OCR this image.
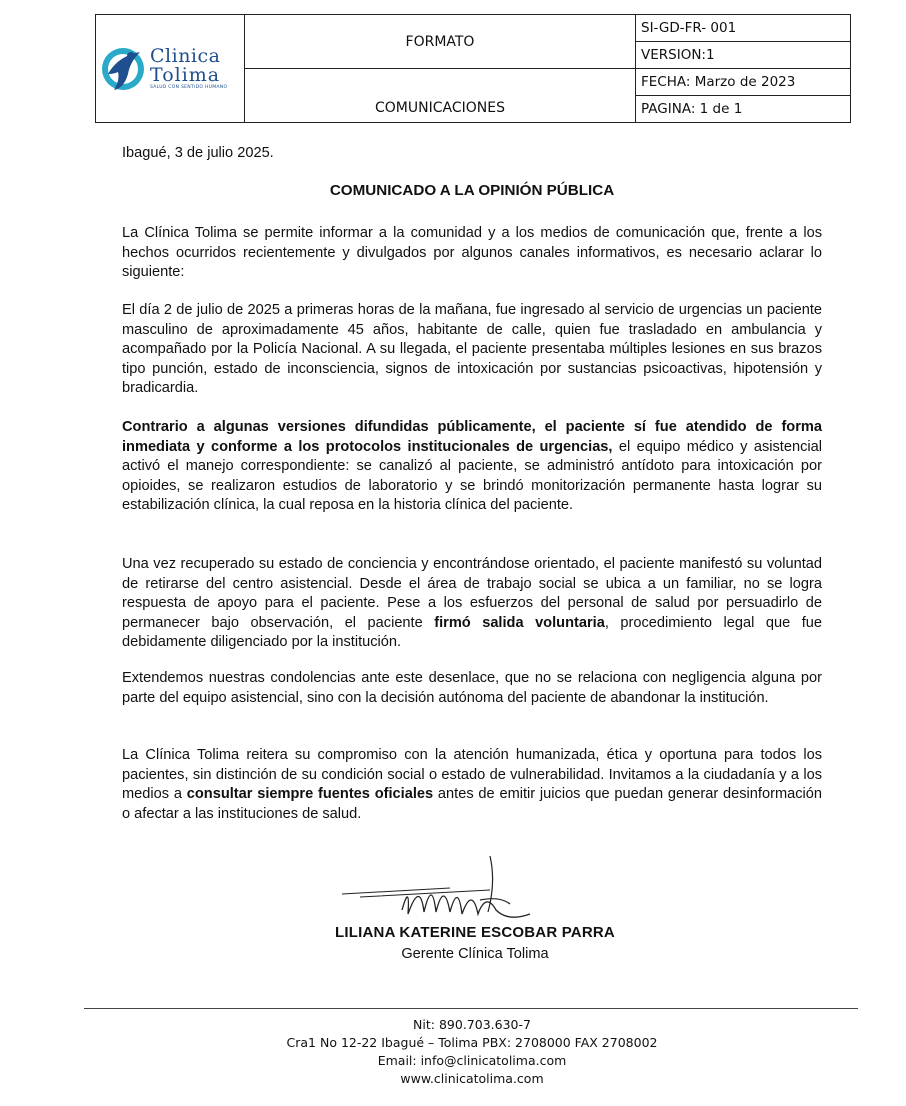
Clinica
Tolima
SALUD CON SENTIDO HUMANO	FORMATO	SI-GD-FR- 001
		VERSION:1
	COMUNICACIONES	FECHA: Marzo de 2023
		PAGINA: 1 de 1
Ibagué, 3 de julio 2025.
COMUNICADO A LA OPINIÓN PÚBLICA
La Clínica Tolima se permite informar a la comunidad y a los medios de comunicación que, frente a los hechos ocurridos recientemente y divulgados por algunos canales informativos, es necesario aclarar lo siguiente:
El día 2 de julio de 2025 a primeras horas de la mañana, fue ingresado al servicio de urgencias un paciente masculino de aproximadamente 45 años, habitante de calle, quien fue trasladado en ambulancia y acompañado por la Policía Nacional. A su llegada, el paciente presentaba múltiples lesiones en sus brazos tipo punción, estado de inconsciencia, signos de intoxicación por sustancias psicoactivas, hipotensión y bradicardia.
Contrario a algunas versiones difundidas públicamente, el paciente sí fue atendido de forma inmediata y conforme a los protocolos institucionales de urgencias, el equipo médico y asistencial activó el manejo correspondiente: se canalizó al paciente, se administró antídoto para intoxicación por opioides, se realizaron estudios de laboratorio y se brindó monitorización permanente hasta lograr su estabilización clínica, la cual reposa en la historia clínica del paciente.
Una vez recuperado su estado de conciencia y encontrándose orientado, el paciente manifestó su voluntad de retirarse del centro asistencial. Desde el área de trabajo social se ubica a un familiar, no se logra respuesta de apoyo para el paciente. Pese a los esfuerzos del personal de salud por persuadirlo de permanecer bajo observación, el paciente firmó salida voluntaria, procedimiento legal que fue debidamente diligenciado por la institución.
Extendemos nuestras condolencias ante este desenlace, que no se relaciona con negligencia alguna por parte del equipo asistencial, sino con la decisión autónoma del paciente de abandonar la institución.
La Clínica Tolima reitera su compromiso con la atención humanizada, ética y oportuna para todos los pacientes, sin distinción de su condición social o estado de vulnerabilidad. Invitamos a la ciudadanía y a los medios a consultar siempre fuentes oficiales antes de emitir juicios que puedan generar desinformación o afectar a las instituciones de salud.
LILIANA KATERINE ESCOBAR PARRA
Gerente Clínica Tolima
Nit: 890.703.630-7
Cra1 No 12-22 Ibagué – Tolima PBX: 2708000 FAX 2708002
Email: info@clinicatolima.com
www.clinicatolima.com
